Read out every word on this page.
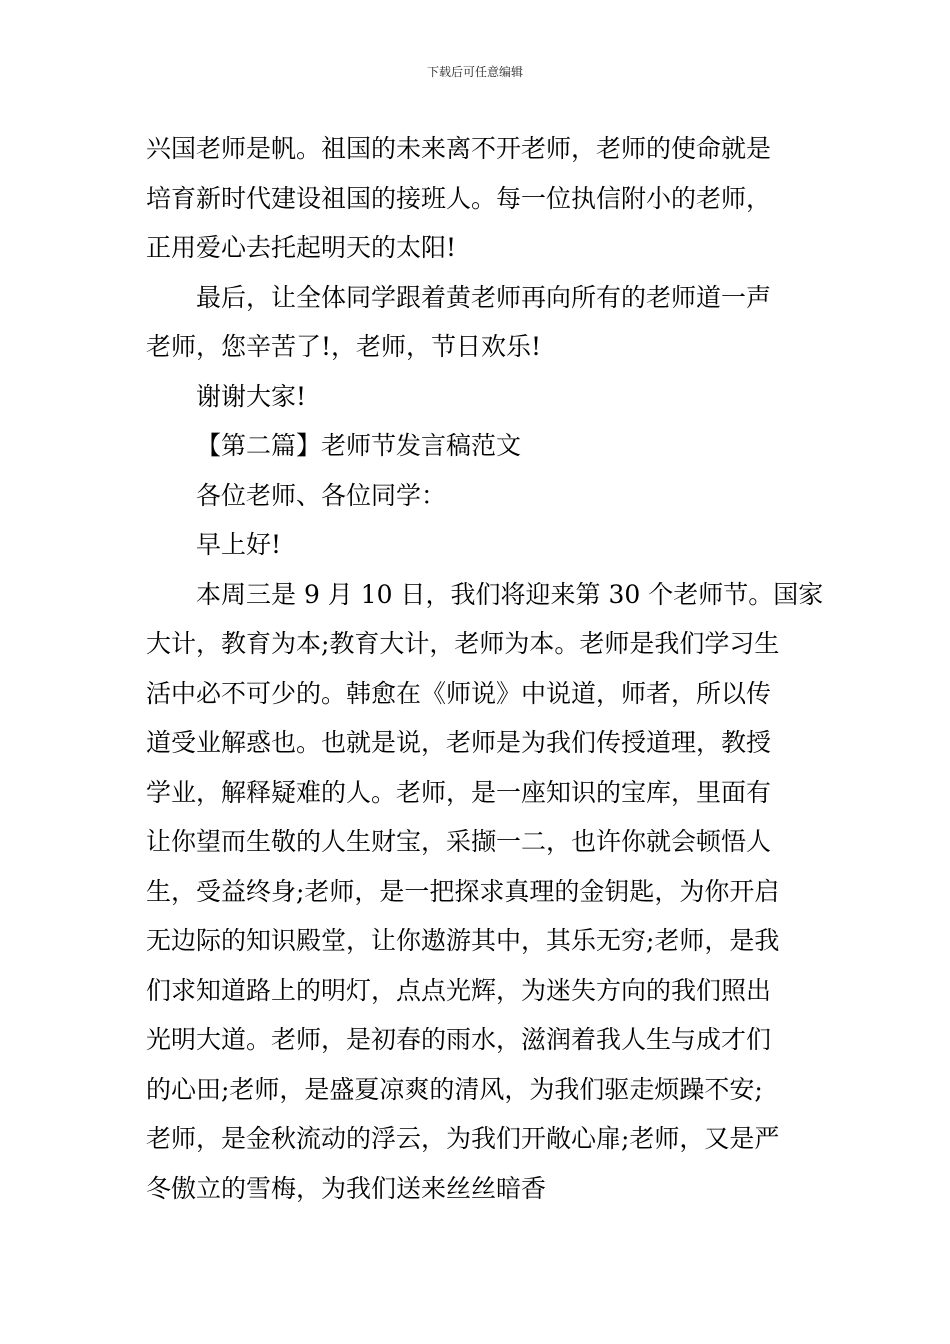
下载后可任意编辑
兴国老师是帆。祖国的未来离不开老师，老师的使命就是
培育新时代建设祖国的接班人。每一位执信附小的老师，
正用爱心去托起明天的太阳!
最后，让全体同学跟着黄老师再向所有的老师道一声
老师，您辛苦了!，老师，节日欢乐!
谢谢大家!
【第二篇】老师节发言稿范文
各位老师、各位同学：
早上好!
本周三是 9 月 10 日，我们将迎来第 30 个老师节。国家
大计，教育为本;教育大计，老师为本。老师是我们学习生
活中必不可少的。韩愈在《师说》中说道，师者，所以传
道受业解惑也。也就是说，老师是为我们传授道理，教授
学业，解释疑难的人。老师，是一座知识的宝库，里面有
让你望而生敬的人生财宝，采撷一二，也许你就会顿悟人
生，受益终身;老师，是一把探求真理的金钥匙，为你开启
无边际的知识殿堂，让你遨游其中，其乐无穷;老师，是我
们求知道路上的明灯，点点光辉，为迷失方向的我们照出
光明大道。老师，是初春的雨水，滋润着我人生与成才们
的心田;老师，是盛夏凉爽的清风，为我们驱走烦躁不安;
老师，是金秋流动的浮云，为我们开敞心扉;老师，又是严
冬傲立的雪梅，为我们送来丝丝暗香
